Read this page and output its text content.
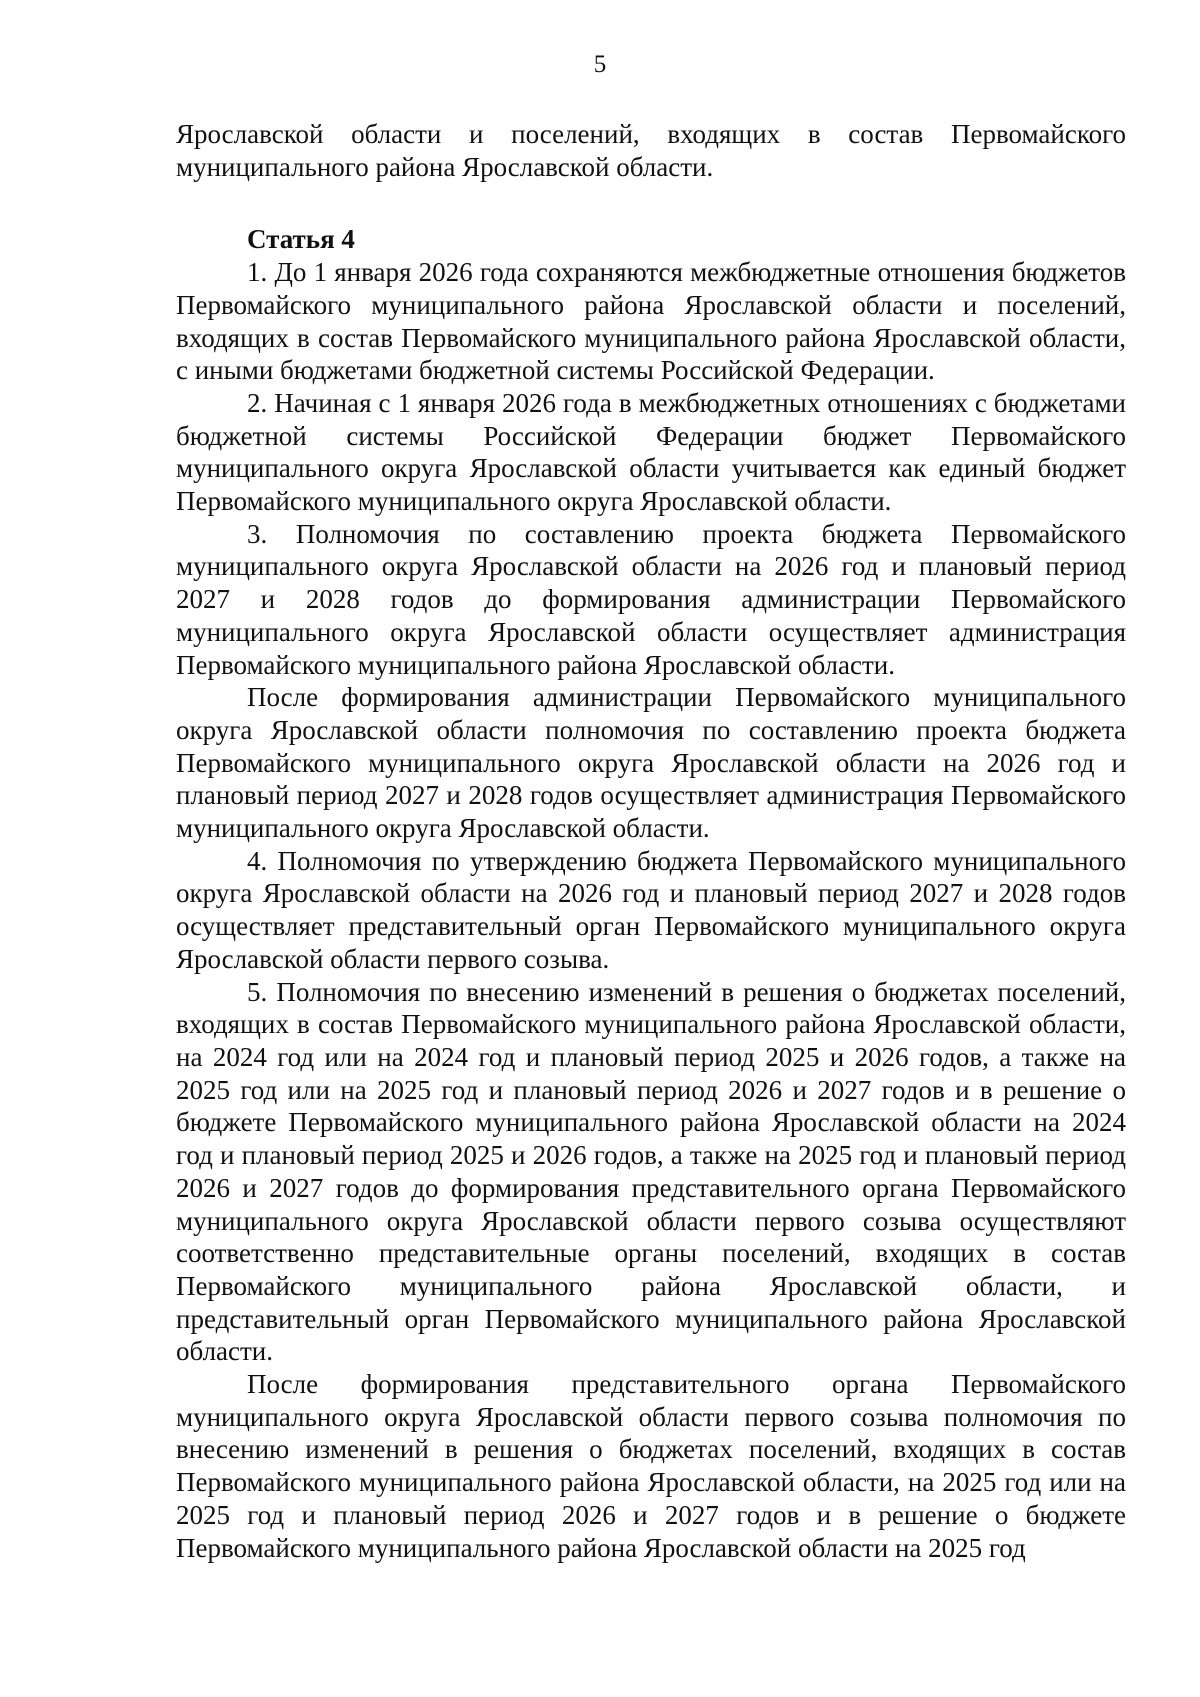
5

Ярославской области и поселений, входящих в состав Первомайского муниципального района Ярославской области.

Статья 4

1. До 1 января 2026 года сохраняются межбюджетные отношения бюджетов Первомайского муниципального района Ярославской области и поселений, входящих в состав Первомайского муниципального района Ярославской области, с иными бюджетами бюджетной системы Российской Федерации.

2. Начиная с 1 января 2026 года в межбюджетных отношениях с бюджетами бюджетной системы Российской Федерации бюджет Первомайского муниципального округа Ярославской области учитывается как единый бюджет Первомайского муниципального округа Ярославской области.

3. Полномочия по составлению проекта бюджета Первомайского муниципального округа Ярославской области на 2026 год и плановый период 2027 и 2028 годов до формирования администрации Первомайского муниципального округа Ярославской области осуществляет администрация Первомайского муниципального района Ярославской области.

После формирования администрации Первомайского муниципального округа Ярославской области полномочия по составлению проекта бюджета Первомайского муниципального округа Ярославской области на 2026 год и плановый период 2027 и 2028 годов осуществляет администрация Первомайского муниципального округа Ярославской области.

4. Полномочия по утверждению бюджета Первомайского муниципального округа Ярославской области на 2026 год и плановый период 2027 и 2028 годов осуществляет представительный орган Первомайского муниципального округа Ярославской области первого созыва.

5. Полномочия по внесению изменений в решения о бюджетах поселений, входящих в состав Первомайского муниципального района Ярославской области, на 2024 год или на 2024 год и плановый период 2025 и 2026 годов, а также на 2025 год или на 2025 год и плановый период 2026 и 2027 годов и в решение о бюджете Первомайского муниципального района Ярославской области на 2024 год и плановый период 2025 и 2026 годов, а также на 2025 год и плановый период 2026 и 2027 годов до формирования представительного органа Первомайского муниципального округа Ярославской области первого созыва осуществляют соответственно представительные органы поселений, входящих в состав Первомайского муниципального района Ярославской области, и представительный орган Первомайского муниципального района Ярославской области.

После формирования представительного органа Первомайского муниципального округа Ярославской области первого созыва полномочия по внесению изменений в решения о бюджетах поселений, входящих в состав Первомайского муниципального района Ярославской области, на 2025 год или на 2025 год и плановый период 2026 и 2027 годов и в решение о бюджете Первомайского муниципального района Ярославской области на 2025 год
